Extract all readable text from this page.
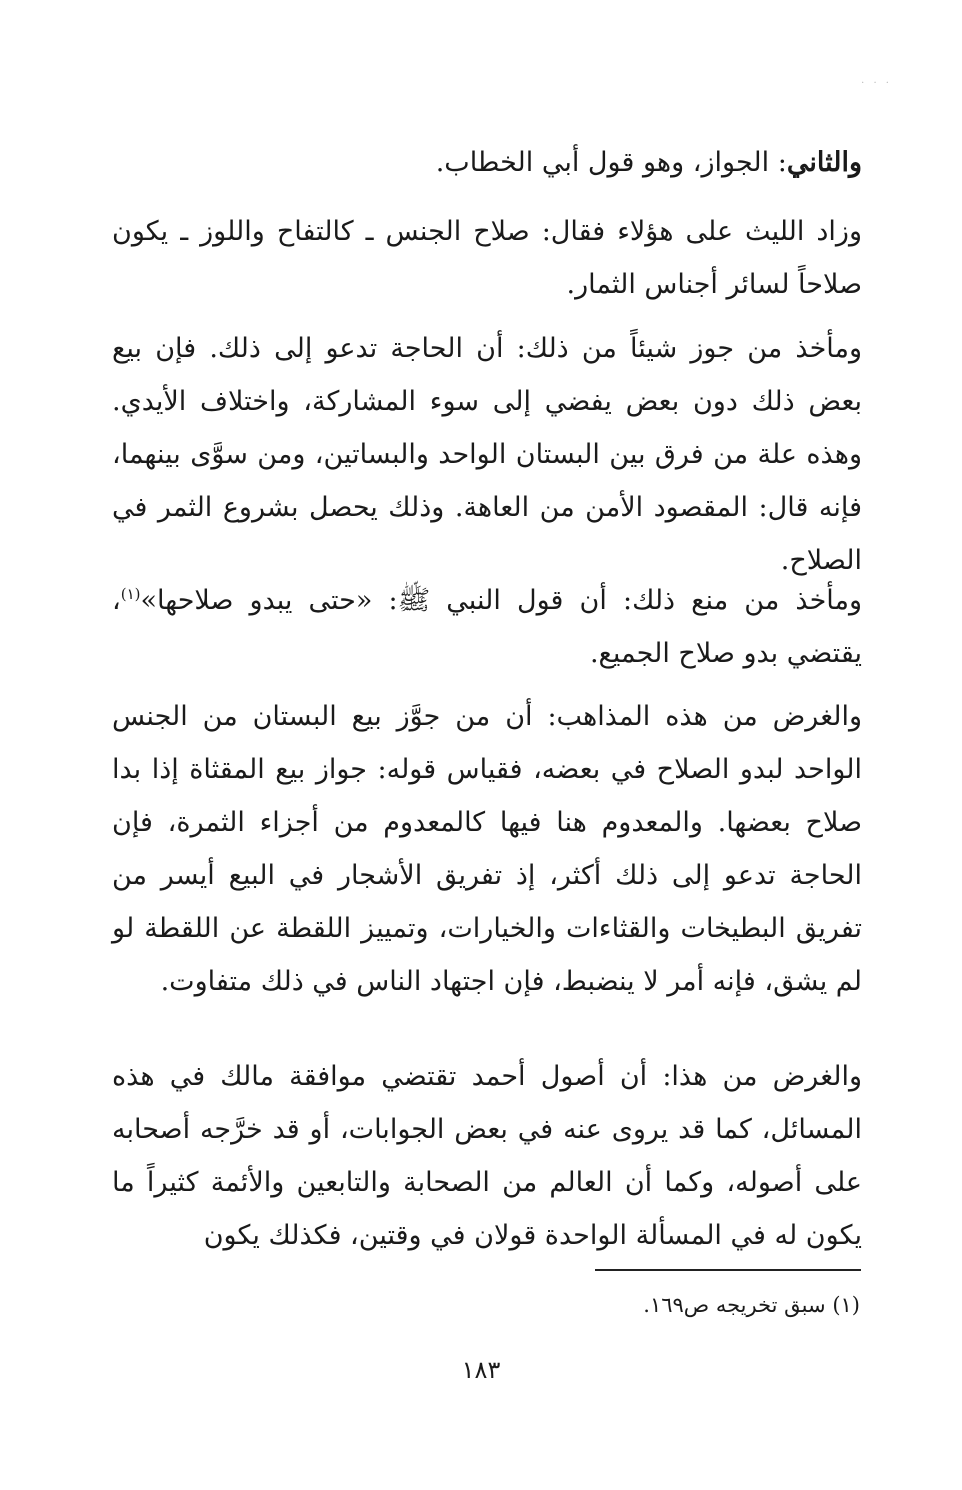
· · ·

والثاني: الجواز، وهو قول أبي الخطاب.

وزاد الليث على هؤلاء فقال: صلاح الجنس ـ كالتفاح واللوز ـ يكون صلاحاً لسائر أجناس الثمار.

ومأخذ من جوز شيئاً من ذلك: أن الحاجة تدعو إلى ذلك. فإن بيع بعض ذلك دون بعض يفضي إلى سوء المشاركة، واختلاف الأيدي. وهذه علة من فرق بين البستان الواحد والبساتين، ومن سوَّى بينهما، فإنه قال: المقصود الأمن من العاهة. وذلك يحصل بشروع الثمر في الصلاح.

ومأخذ من منع ذلك: أن قول النبي ﷺ: «حتى يبدو صلاحها»$^{(١)}$، يقتضي بدو صلاح الجميع.

والغرض من هذه المذاهب: أن من جوَّز بيع البستان من الجنس الواحد لبدو الصلاح في بعضه، فقياس قوله: جواز بيع المقثاة إذا بدا صلاح بعضها. والمعدوم هنا فيها كالمعدوم من أجزاء الثمرة، فإن الحاجة تدعو إلى ذلك أكثر، إذ تفريق الأشجار في البيع أيسر من تفريق البطيخات والقثاءات والخيارات، وتمييز اللقطة عن اللقطة لو لم يشق، فإنه أمر لا ينضبط، فإن اجتهاد الناس في ذلك متفاوت.

والغرض من هذا: أن أصول أحمد تقتضي موافقة مالك في هذه المسائل، كما قد يروى عنه في بعض الجوابات، أو قد خرَّجه أصحابه على أصوله، وكما أن العالم من الصحابة والتابعين والأئمة كثيراً ما يكون له في المسألة الواحدة قولان في وقتين، فكذلك يكون

(١) سبق تخريجه ص١٦٩.
١٨٣
